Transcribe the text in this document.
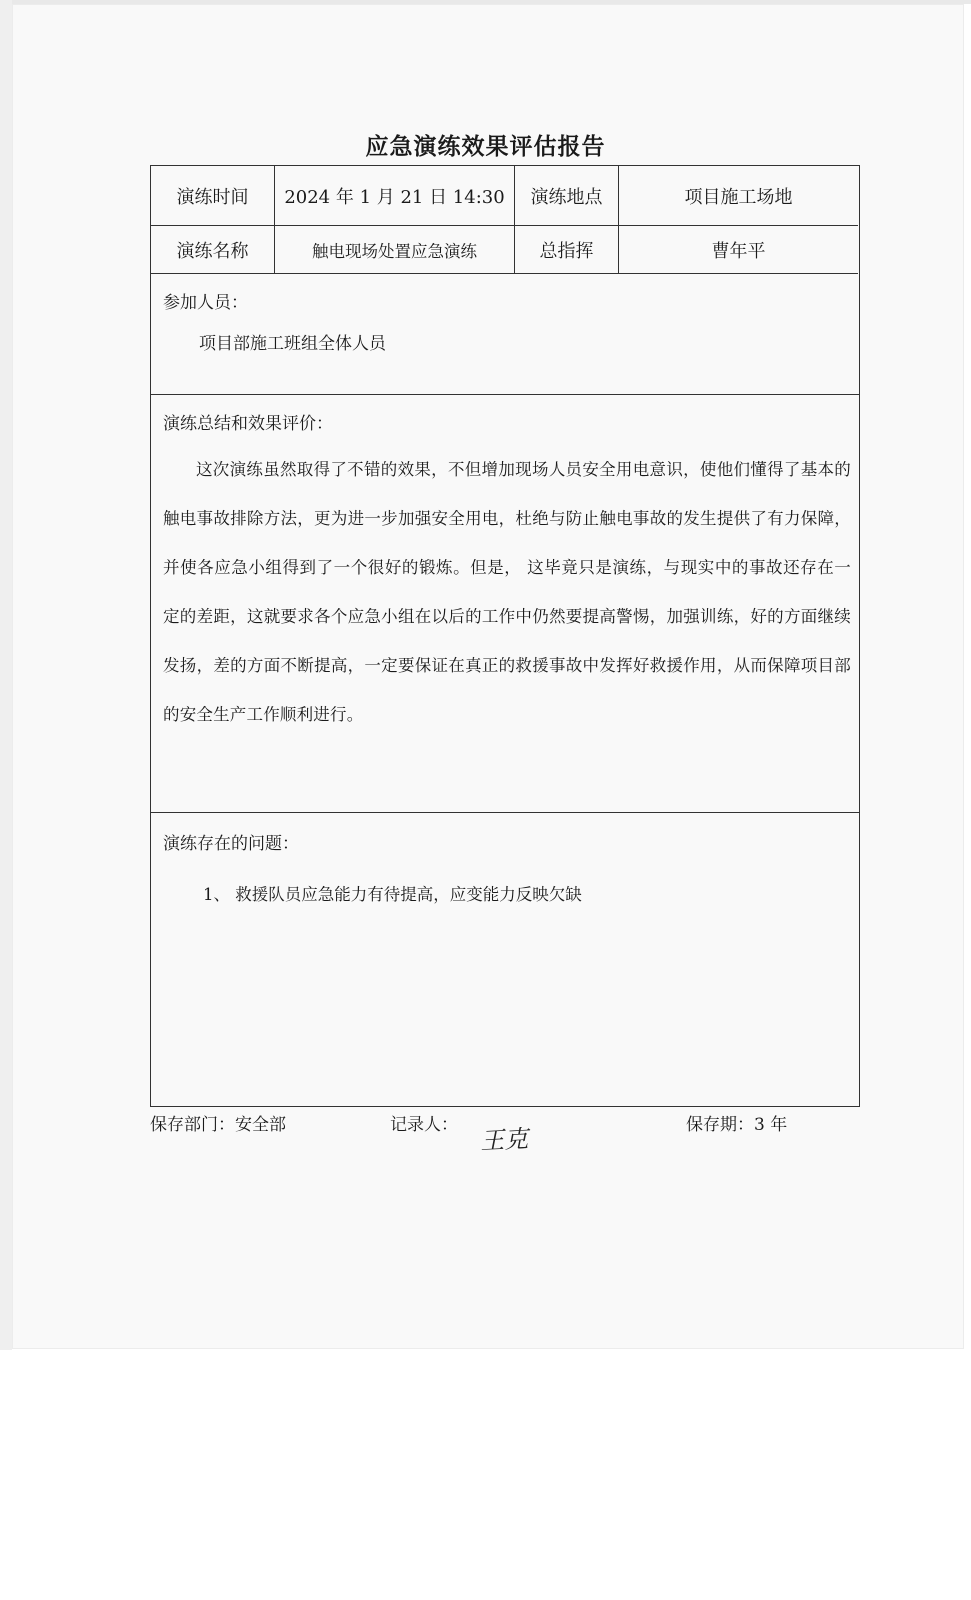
应急演练效果评估报告
演练时间	2024 年 1 月 21 日 14:30	演练地点	项目施工场地
演练名称	触电现场处置应急演练	总指挥	曹年平
参加人员：
项目部施工班组全体人员
演练总结和效果评价：
这次演练虽然取得了不错的效果，不但增加现场人员安全用电意识，使他们懂得了基本的触电事故排除方法，更为进一步加强安全用电，杜绝与防止触电事故的发生提供了有力保障，并使各应急小组得到了一个很好的锻炼。但是， 这毕竟只是演练，与现实中的事故还存在一定的差距，这就要求各个应急小组在以后的工作中仍然要提高警惕，加强训练，好的方面继续发扬，差的方面不断提高，一定要保证在真正的救援事故中发挥好救援作用，从而保障项目部的安全生产工作顺利进行。
演练存在的问题：
1、 救援队员应急能力有待提高，应变能力反映欠缺
保存部门：安全部	记录人： 王克	保存期：3 年
